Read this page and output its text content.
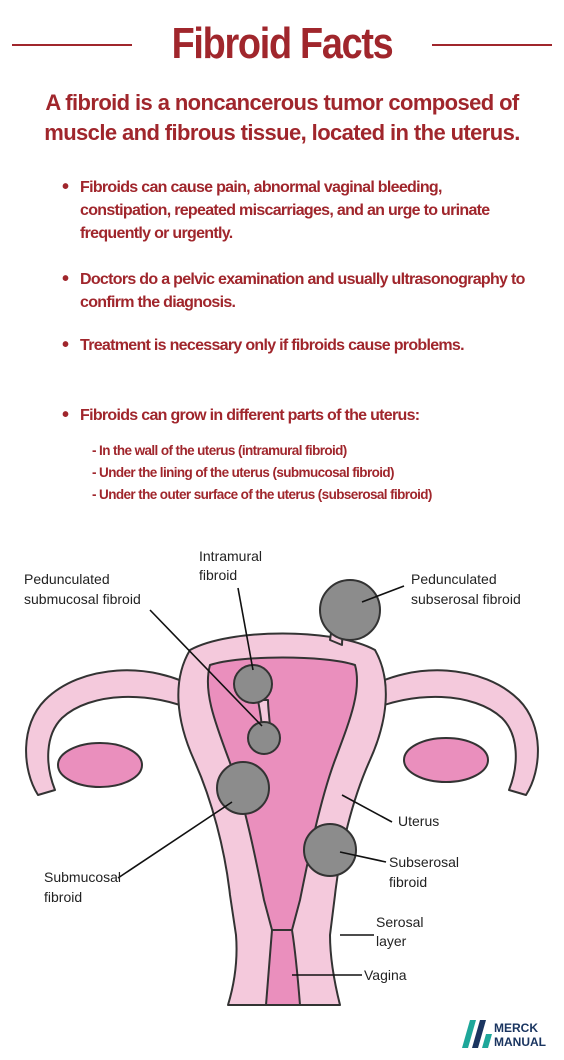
Fibroid Facts
A fibroid is a noncancerous tumor composed of muscle and fibrous tissue, located in the uterus.
• Fibroids can cause pain, abnormal vaginal bleeding, constipation, repeated miscarriages, and an urge to urinate frequently or urgently.
• Doctors do a pelvic examination and usually ultrasonography to confirm the diagnosis.
• Treatment is necessary only if fibroids cause problems.
• Fibroids can grow in different parts of the uterus:
- In the wall of the uterus (intramural fibroid)
- Under the lining of the uterus (submucosal fibroid)
- Under the outer surface of the uterus (subserosal fibroid)
Intramural
fibroid
Pedunculated
submucosal fibroid
Pedunculated
subserosal fibroid
Uterus
Submucosal
fibroid
Subserosal
fibroid
Serosal
layer
Vagina
MERCK
MANUAL
